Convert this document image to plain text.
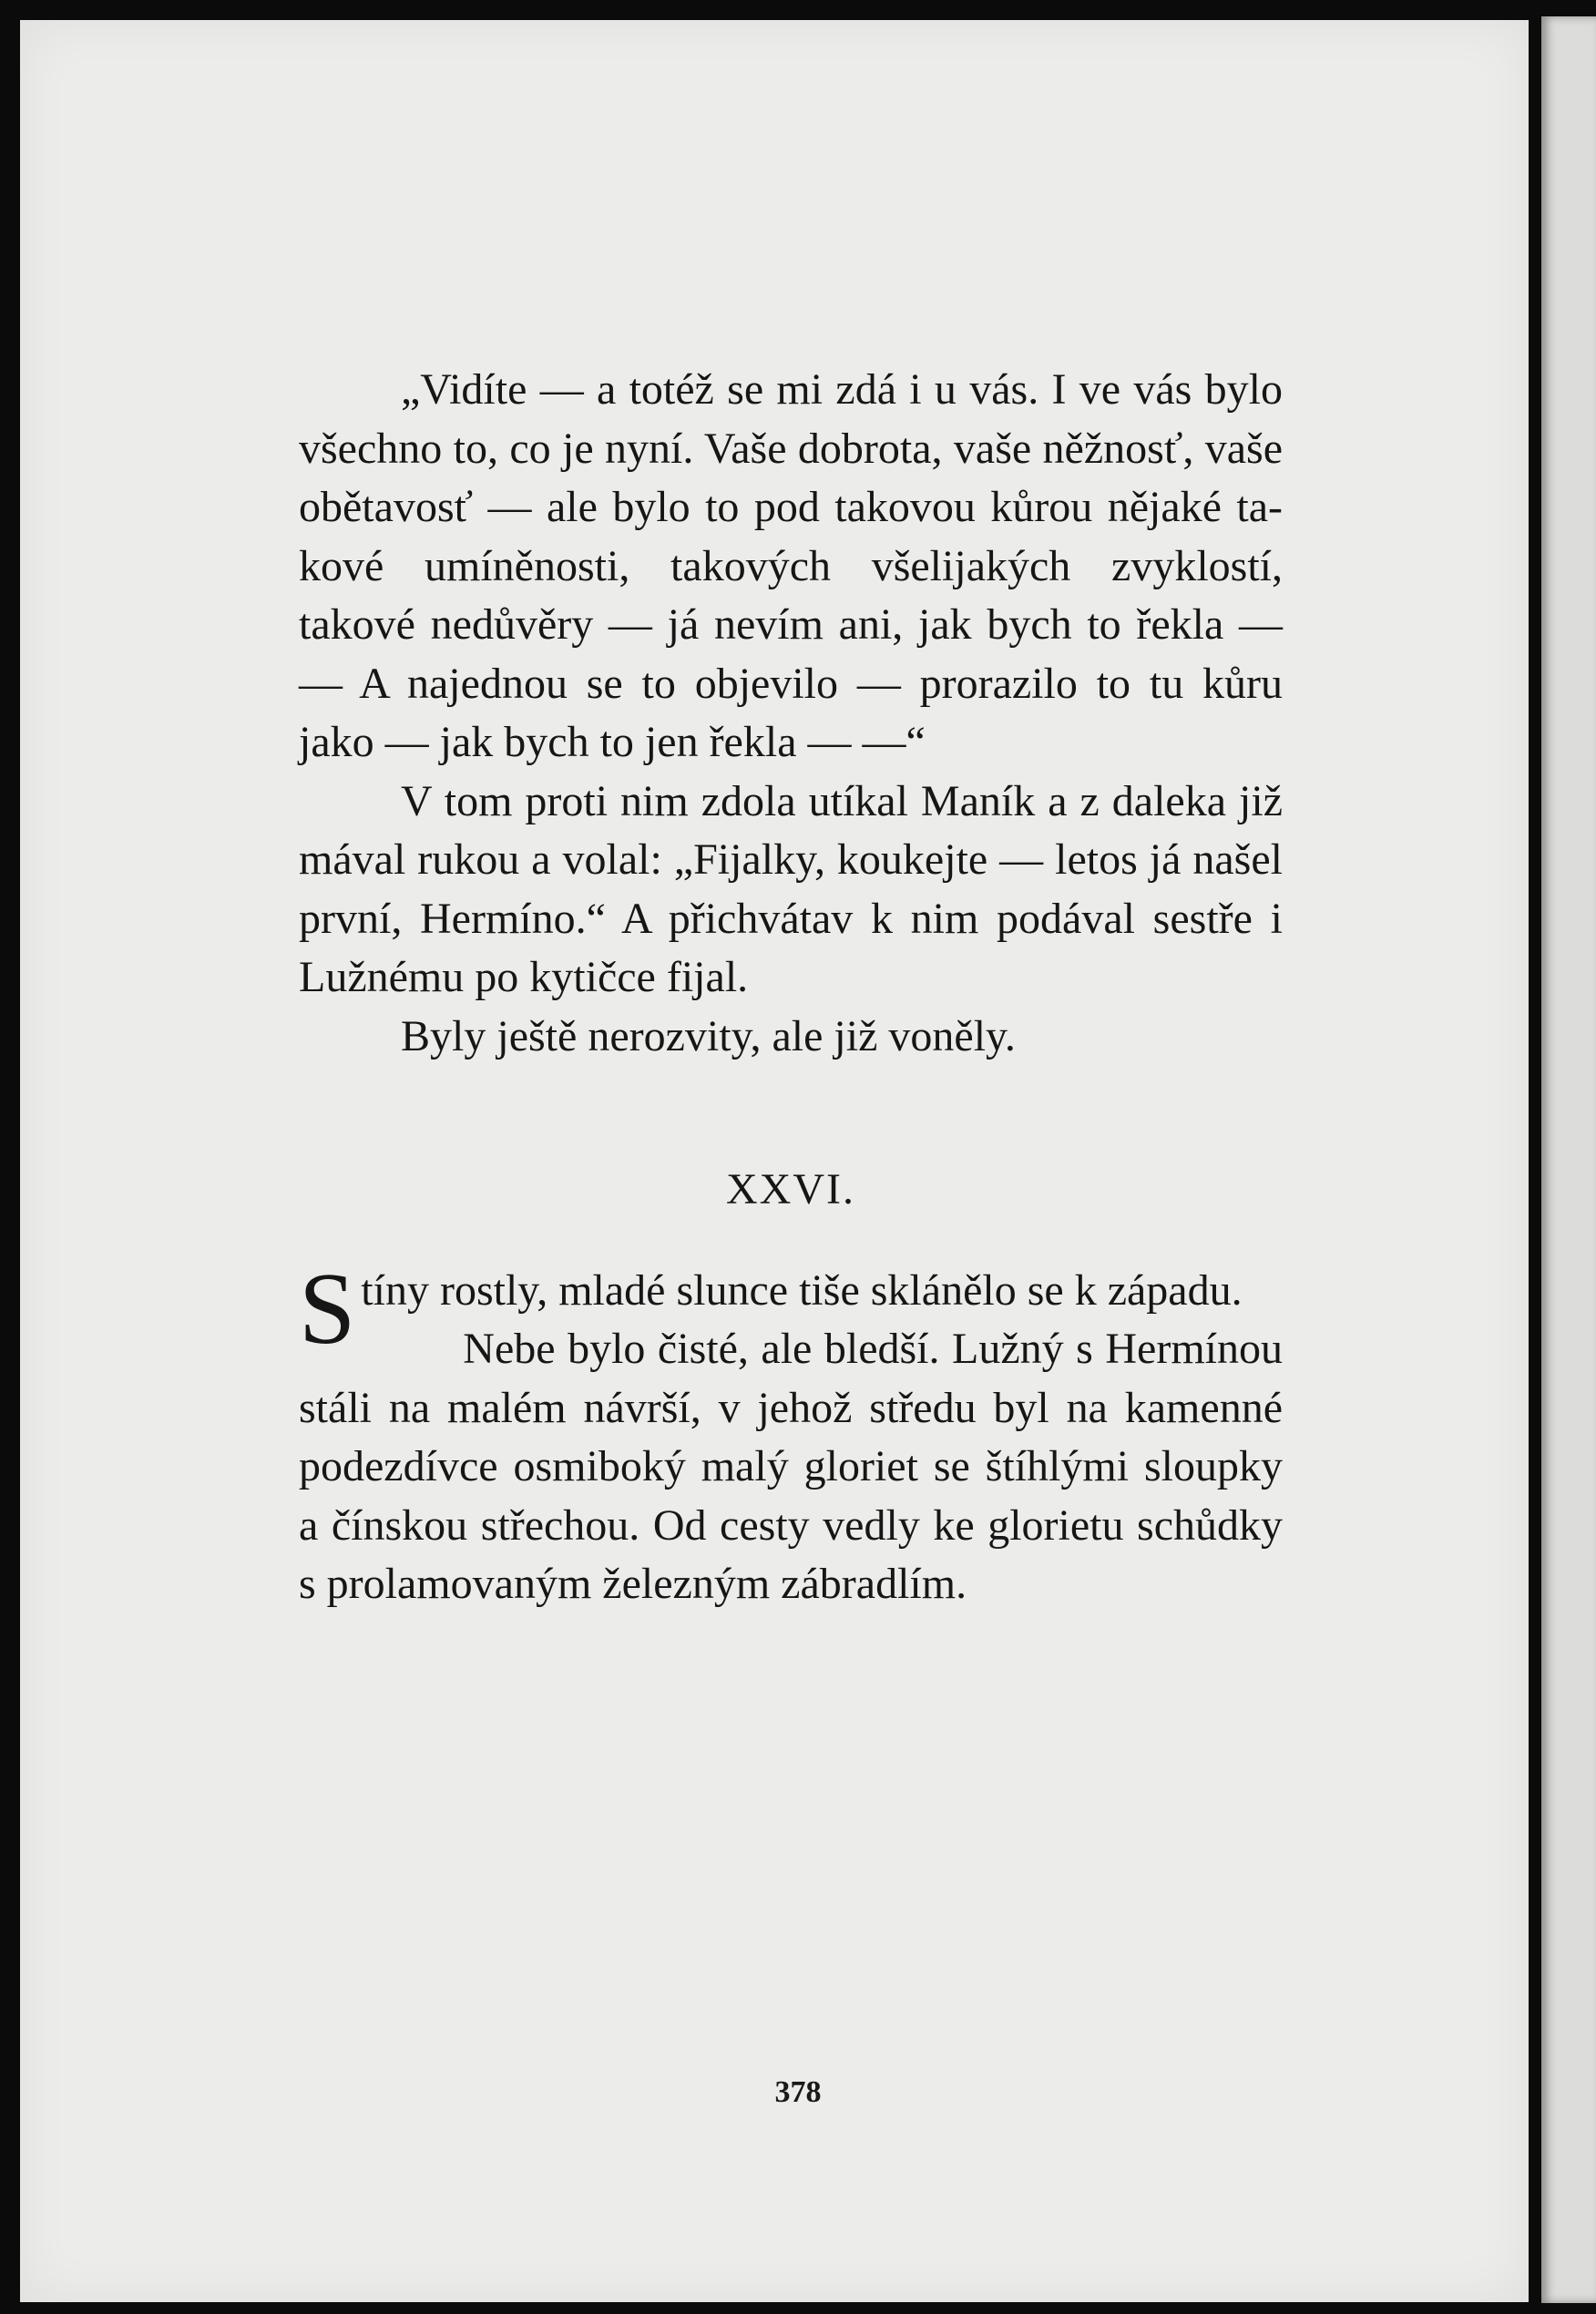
„Vidíte — a totéž se mi zdá i u vás. I ve vás bylo všechno to, co je nyní. Vaše dobrota, vaše něžnosť, vaše obětavosť — ale bylo to pod takovou kůrou nějaké takové umíněnosti, takových všelijakých zvyklostí, takové nedůvěry — já nevím ani, jak bych to řekla — — A najednou se to objevilo — prorazilo to tu kůru jako — jak bych to jen řekla — —“

V tom proti nim zdola utíkal Maník a z daleka již mával rukou a volal: „Fijalky, koukejte — letos já našel první, Hermíno.“ A přichvátav k nim podával sestře i Lužnému po kytičce fijal.

Byly ještě nerozvity, ale již voněly.

XXVI.

Stíny rostly, mladé slunce tiše sklánělo se k západu.

Nebe bylo čisté, ale bledší. Lužný s Hermínou stáli na malém návrší, v jehož středu byl na kamenné podezdívce osmiboký malý gloriet se štíhlými sloupky a čínskou střechou. Od cesty vedly ke glorietu schůdky s prolamovaným železným zábradlím.

378
